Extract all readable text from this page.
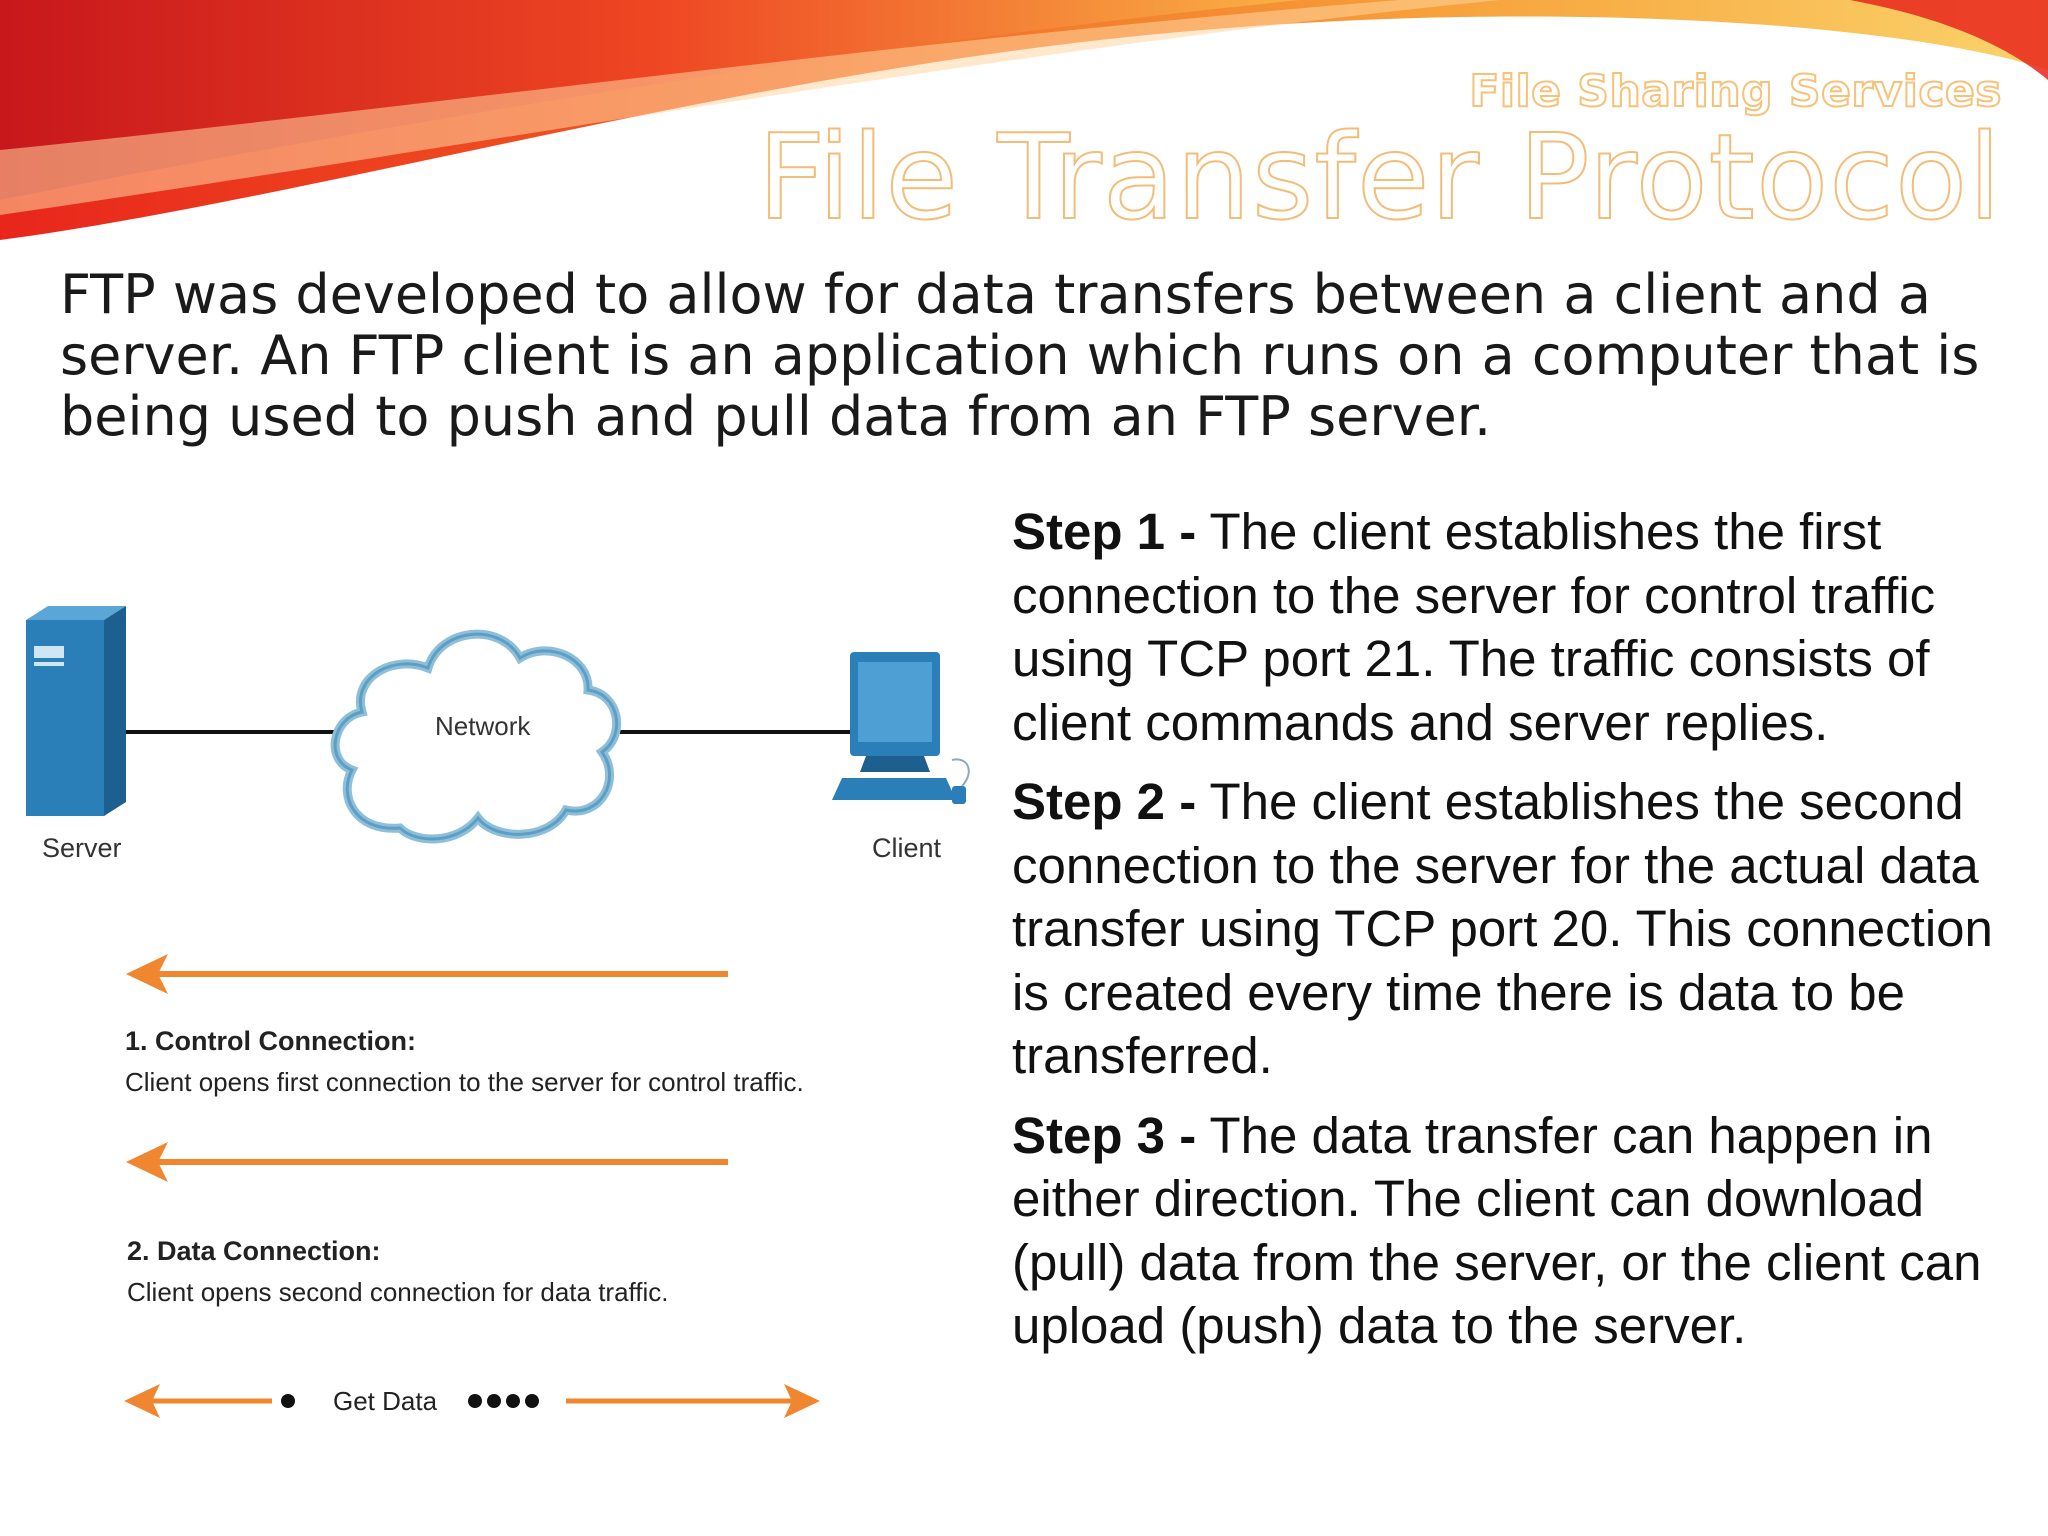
File Sharing Services
File Transfer Protocol

FTP was developed to allow for data transfers between a client and a server. An FTP client is an application which runs on a computer that is being used to push and pull data from an FTP server.

Server
Network
Client
1. Control Connection:
Client opens first connection to the server for control traffic.
2. Data Connection:
Client opens second connection for data traffic.
Get Data

Step 1 - The client establishes the first connection to the server for control traffic using TCP port 21. The traffic consists of client commands and server replies.

Step 2 - The client establishes the second connection to the server for the actual data transfer using TCP port 20. This connection is created every time there is data to be transferred.

Step 3 - The data transfer can happen in either direction. The client can download (pull) data from the server, or the client can upload (push) data to the server.
